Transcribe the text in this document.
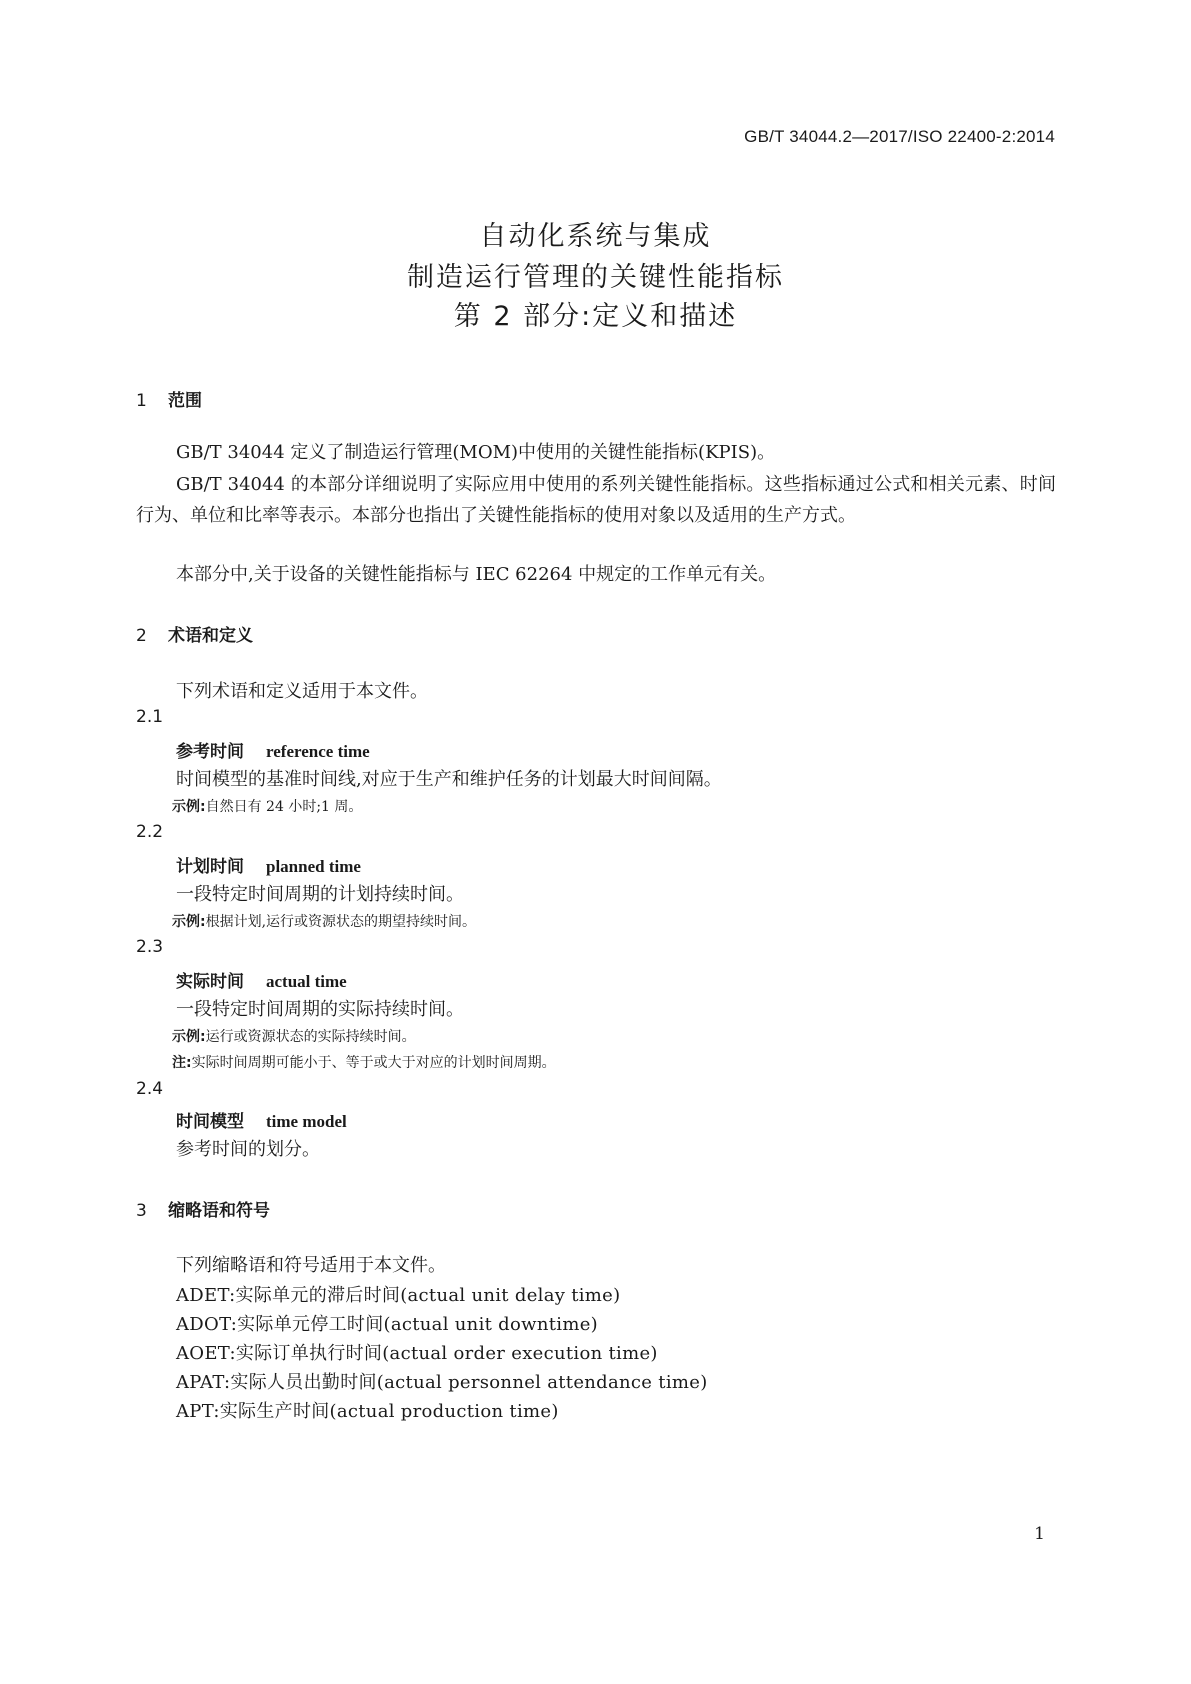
GB/T 34044.2—2017/ISO 22400-2:2014
自动化系统与集成
制造运行管理的关键性能指标
第 2 部分:定义和描述
1 范围
GB/T 34044 定义了制造运行管理(MOM)中使用的关键性能指标(KPIS)。
GB/T 34044 的本部分详细说明了实际应用中使用的系列关键性能指标。这些指标通过公式和相关元素、时间行为、单位和比率等表示。本部分也指出了关键性能指标的使用对象以及适用的生产方式。
本部分中,关于设备的关键性能指标与 IEC 62264 中规定的工作单元有关。
2 术语和定义
下列术语和定义适用于本文件。
2.1
参考时间 reference time
时间模型的基准时间线,对应于生产和维护任务的计划最大时间间隔。
示例:自然日有 24 小时;1 周。
2.2
计划时间 planned time
一段特定时间周期的计划持续时间。
示例:根据计划,运行或资源状态的期望持续时间。
2.3
实际时间 actual time
一段特定时间周期的实际持续时间。
示例:运行或资源状态的实际持续时间。
注:实际时间周期可能小于、等于或大于对应的计划时间周期。
2.4
时间模型 time model
参考时间的划分。
3 缩略语和符号
下列缩略语和符号适用于本文件。
ADET:实际单元的滞后时间(actual unit delay time)
ADOT:实际单元停工时间(actual unit downtime)
AOET:实际订单执行时间(actual order execution time)
APAT:实际人员出勤时间(actual personnel attendance time)
APT:实际生产时间(actual production time)
1
